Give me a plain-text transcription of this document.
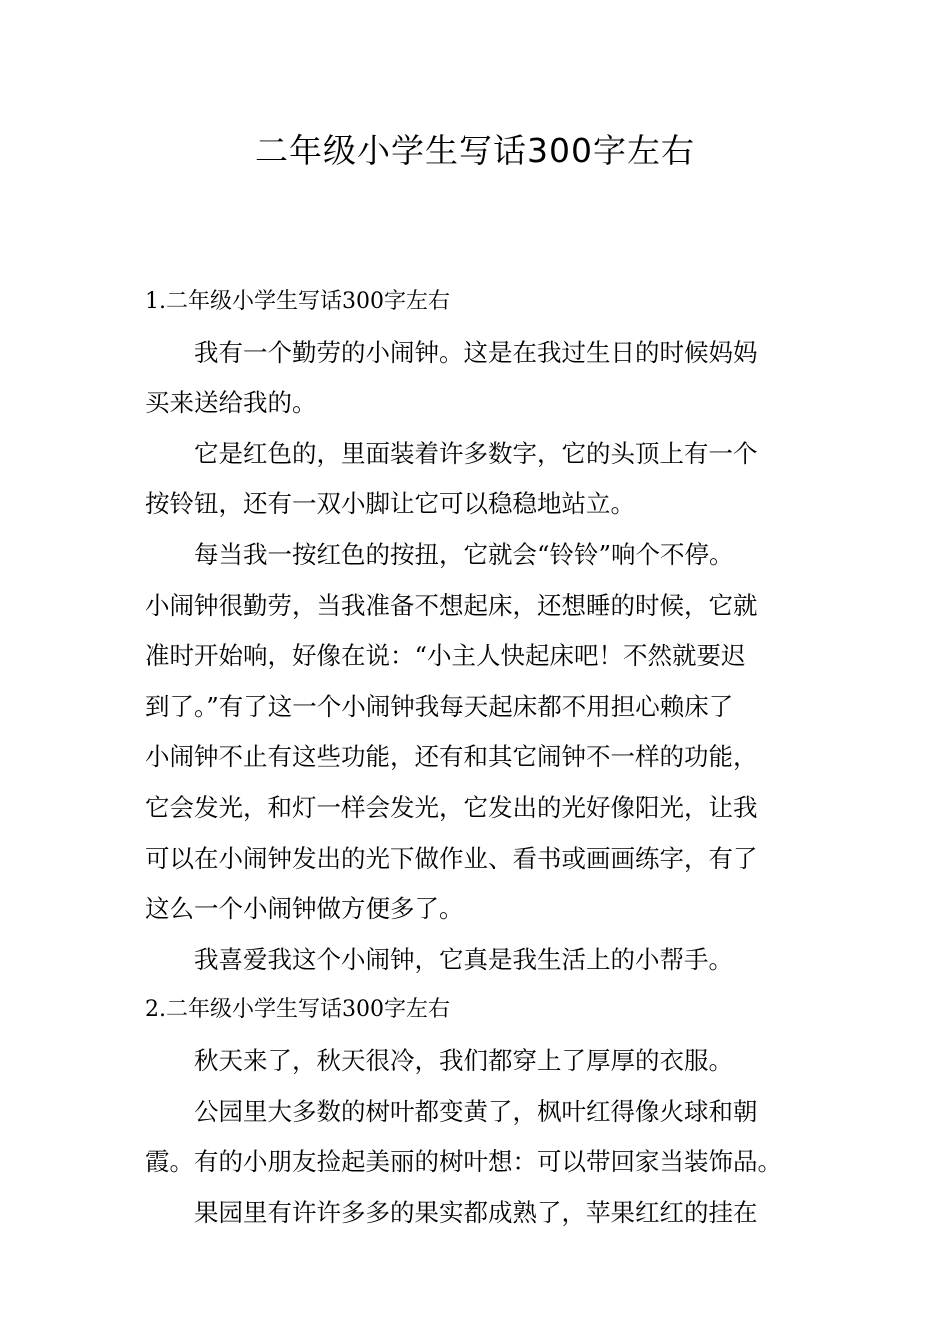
二年级小学生写话300字左右
1.二年级小学生写话300字左右

我有一个勤劳的小闹钟。这是在我过生日的时候妈妈
买来送给我的。

它是红色的，里面装着许多数字，它的头顶上有一个
按铃钮，还有一双小脚让它可以稳稳地站立。

每当我一按红色的按扭，它就会“铃铃”响个不停。
小闹钟很勤劳，当我准备不想起床，还想睡的时候，它就
准时开始响，好像在说：“小主人快起床吧！不然就要迟
到了。”有了这一个小闹钟我每天起床都不用担心赖床了
小闹钟不止有这些功能，还有和其它闹钟不一样的功能，
它会发光，和灯一样会发光，它发出的光好像阳光，让我
可以在小闹钟发出的光下做作业、看书或画画练字，有了
这么一个小闹钟做方便多了。

我喜爱我这个小闹钟，它真是我生活上的小帮手。

2.二年级小学生写话300字左右

秋天来了，秋天很冷，我们都穿上了厚厚的衣服。

公园里大多数的树叶都变黄了，枫叶红得像火球和朝
霞。有的小朋友捡起美丽的树叶想：可以带回家当装饰品。

果园里有许许多多的果实都成熟了，苹果红红的挂在
